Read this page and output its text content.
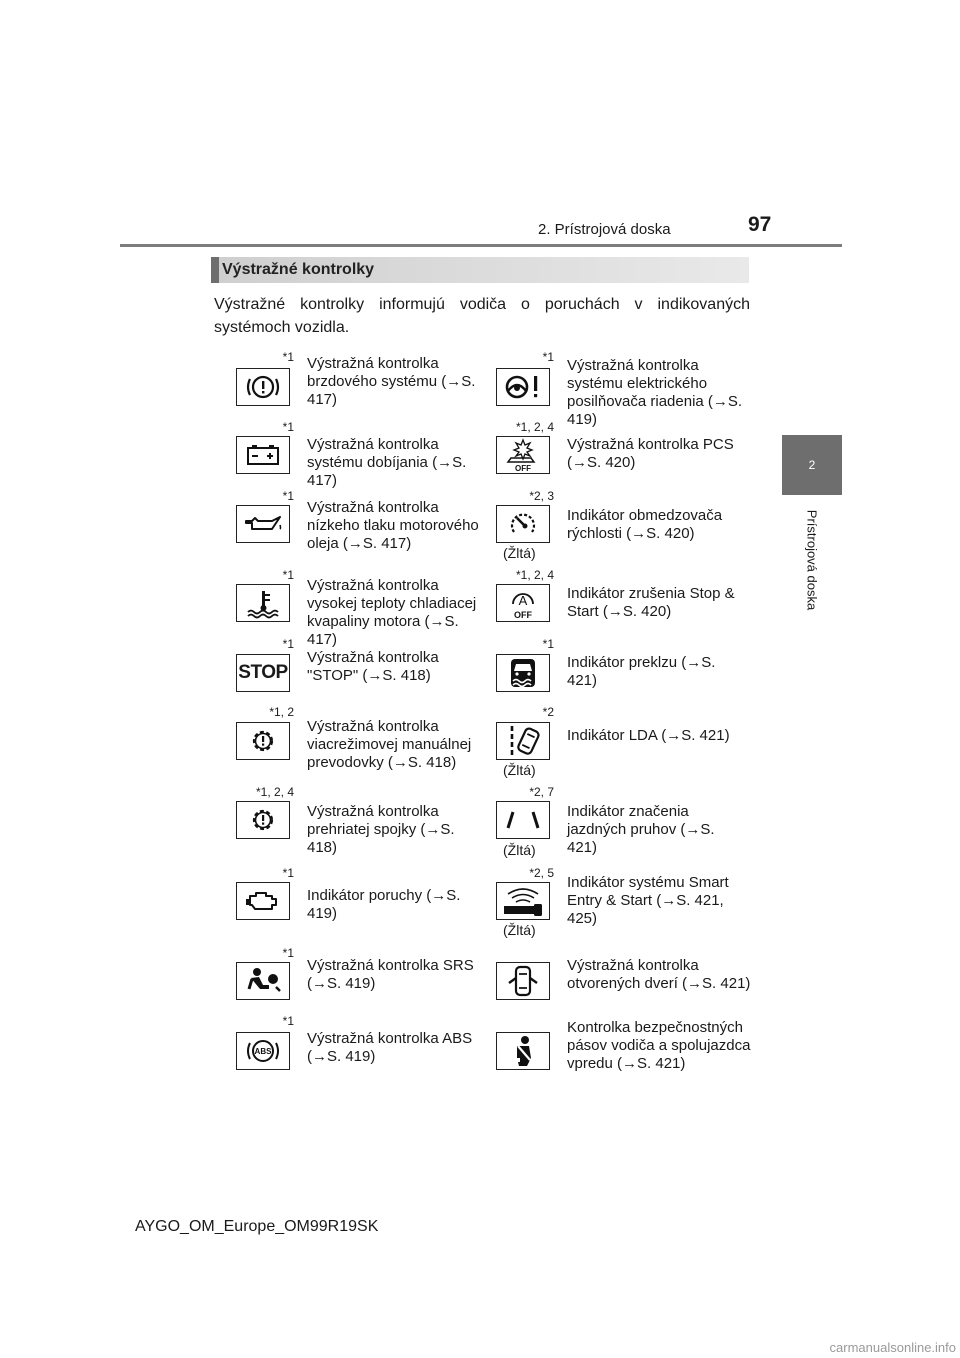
2. Prístrojová doska	97
2
Prístrojová doska
Výstražné kontrolky
Výstražné kontrolky informujú vodiča o poruchách v indikovaných systémoch vozidla.
*1 Výstražná kontrolka brzdového systému (→S. 417)
*1
Výstražná kontrolka systému dobíjania (→S. 417)
*1
Výstražná kontrolka nízkeho tlaku motorového oleja (→S. 417)
*1
Výstražná kontrolka vysokej teploty chladiacej kvapaliny motora (→S. 417)
STOP
*1
Výstražná kontrolka "STOP" (→S. 418)
*1, 2
Výstražná kontrolka viacrežimovej manuálnej prevodovky (→S. 418)
*1, 2, 4
Výstražná kontrolka prehriatej spojky (→S. 418)
*1
Indikátor poruchy (→S. 419)
*1
Výstražná kontrolka SRS (→S. 419)
ABS
*1
Výstražná kontrolka ABS (→S. 419)
*1 Výstražná kontrolka systému elektrického posilňovača riadenia (→S. 419)
OFF
*1, 2, 4
Výstražná kontrolka PCS (→S. 420)
*2, 3
(Žltá)
Indikátor obmedzovača rýchlosti (→S. 420)
A
OFF
*1, 2, 4
Indikátor zrušenia Stop & Start (→S. 420)
*1
Indikátor preklzu (→S. 421)
*2
(Žltá)
Indikátor LDA (→S. 421)
*2, 7
(Žltá)
Indikátor značenia jazdných pruhov (→S. 421)
*2, 5
(Žltá)
Indikátor systému Smart Entry & Start (→S. 421, 425)
Výstražná kontrolka otvorených dverí (→S. 421)
Kontrolka bezpečnostných pásov vodiča a spolujazdca vpredu (→S. 421)
AYGO_OM_Europe_OM99R19SK
carmanualsonline.info
